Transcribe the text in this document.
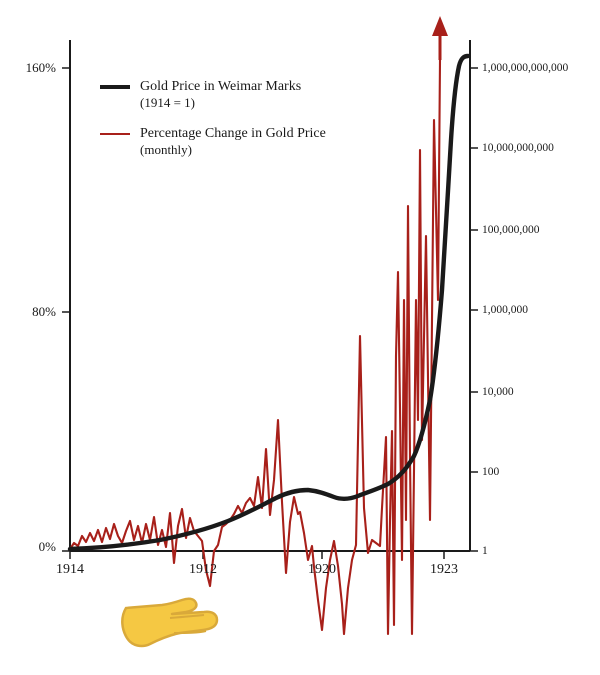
160%
80%
0%
1,000,000,000,000
10,000,000,000
100,000,000
1,000,000
10,000
100
1
1914	1912	1920	1923
Gold Price in Weimar Marks
(1914 = 1)
Percentage Change in Gold Price
(monthly)
